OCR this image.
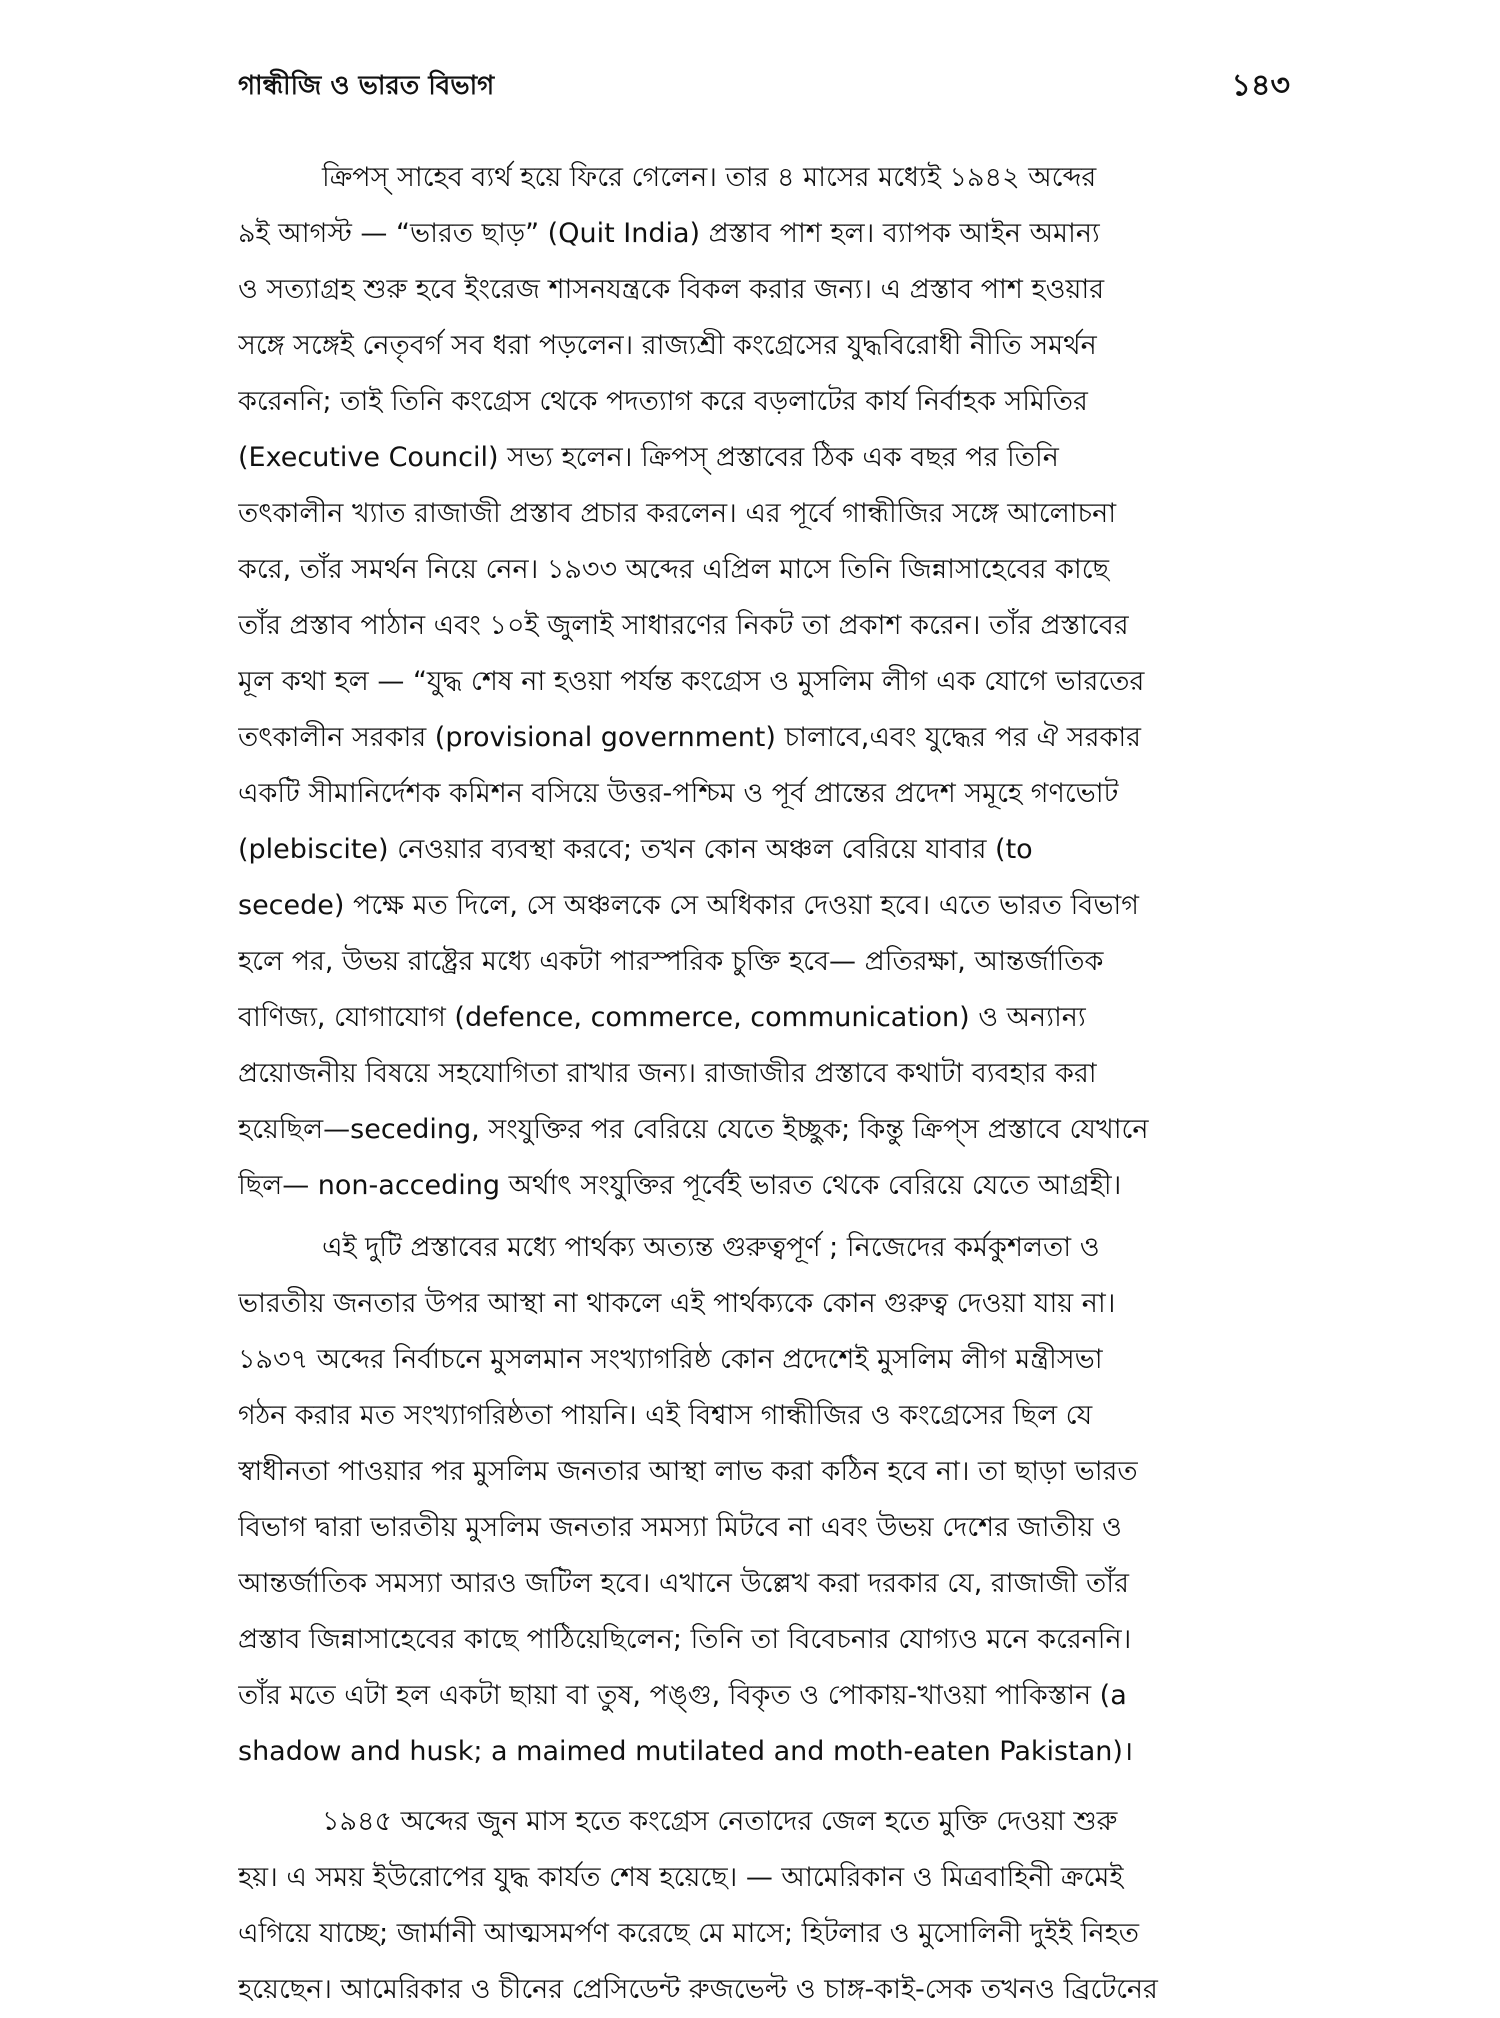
গান্ধীজি ও ভারত বিভাগ	১৪৩

ক্রিপস্ সাহেব ব্যর্থ হয়ে ফিরে গেলেন। তার ৪ মাসের মধ্যেই ১৯৪২ অব্দের
৯ই আগস্ট — “ভারত ছাড়” (Quit India) প্রস্তাব পাশ হল। ব্যাপক আইন অমান্য
ও সত্যাগ্রহ শুরু হবে ইংরেজ শাসনযন্ত্রকে বিকল করার জন্য। এ প্রস্তাব পাশ হওয়ার
সঙ্গে সঙ্গেই নেতৃবর্গ সব ধরা পড়লেন। রাজ্যশ্রী কংগ্রেসের যুদ্ধবিরোধী নীতি সমর্থন
করেননি; তাই তিনি কংগ্রেস থেকে পদত্যাগ করে বড়লাটের কার্য নির্বাহক সমিতির
(Executive Council) সভ্য হলেন। ক্রিপস্ প্রস্তাবের ঠিক এক বছর পর তিনি
তৎকালীন খ্যাত রাজাজী প্রস্তাব প্রচার করলেন। এর পূর্বে গান্ধীজির সঙ্গে আলোচনা
করে, তাঁর সমর্থন নিয়ে নেন। ১৯৩৩ অব্দের এপ্রিল মাসে তিনি জিন্নাসাহেবের কাছে
তাঁর প্রস্তাব পাঠান এবং ১০ই জুলাই সাধারণের নিকট তা প্রকাশ করেন। তাঁর প্রস্তাবের
মূল কথা হল — “যুদ্ধ শেষ না হওয়া পর্যন্ত কংগ্রেস ও মুসলিম লীগ এক যোগে ভারতের
তৎকালীন সরকার (provisional government) চালাবে,এবং যুদ্ধের পর ঐ সরকার
একটি সীমানির্দেশক কমিশন বসিয়ে উত্তর-পশ্চিম ও পূর্ব প্রান্তের প্রদেশ সমূহে গণভোট
(plebiscite) নেওয়ার ব্যবস্থা করবে; তখন কোন অঞ্চল বেরিয়ে যাবার (to
secede) পক্ষে মত দিলে, সে অঞ্চলকে সে অধিকার দেওয়া হবে। এতে ভারত বিভাগ
হলে পর, উভয় রাষ্ট্রের মধ্যে একটা পারস্পরিক চুক্তি হবে— প্রতিরক্ষা, আন্তর্জাতিক
বাণিজ্য, যোগাযোগ (defence, commerce, communication) ও অন্যান্য
প্রয়োজনীয় বিষয়ে সহযোগিতা রাখার জন্য। রাজাজীর প্রস্তাবে কথাটা ব্যবহার করা
হয়েছিল—seceding, সংযুক্তির পর বেরিয়ে যেতে ইচ্ছুক; কিন্তু ক্রিপ্‌স প্রস্তাবে যেখানে
ছিল— non-acceding অর্থাৎ সংযুক্তির পূর্বেই ভারত থেকে বেরিয়ে যেতে আগ্রহী।

এই দুটি প্রস্তাবের মধ্যে পার্থক্য অত্যন্ত গুরুত্বপূর্ণ ; নিজেদের কর্মকুশলতা ও
ভারতীয় জনতার উপর আস্থা না থাকলে এই পার্থক্যকে কোন গুরুত্ব দেওয়া যায় না।
১৯৩৭ অব্দের নির্বাচনে মুসলমান সংখ্যাগরিষ্ঠ কোন প্রদেশেই মুসলিম লীগ মন্ত্রীসভা
গঠন করার মত সংখ্যাগরিষ্ঠতা পায়নি। এই বিশ্বাস গান্ধীজির ও কংগ্রেসের ছিল যে
স্বাধীনতা পাওয়ার পর মুসলিম জনতার আস্থা লাভ করা কঠিন হবে না। তা ছাড়া ভারত
বিভাগ দ্বারা ভারতীয় মুসলিম জনতার সমস্যা মিটবে না এবং উভয় দেশের জাতীয় ও
আন্তর্জাতিক সমস্যা আরও জটিল হবে। এখানে উল্লেখ করা দরকার যে, রাজাজী তাঁর
প্রস্তাব জিন্নাসাহেবের কাছে পাঠিয়েছিলেন; তিনি তা বিবেচনার যোগ্যও মনে করেননি।
তাঁর মতে এটা হল একটা ছায়া বা তুষ, পঙ্গু, বিকৃত ও পোকায়-খাওয়া পাকিস্তান (a
shadow and husk; a maimed mutilated and moth-eaten Pakistan)।

১৯৪৫ অব্দের জুন মাস হতে কংগ্রেস নেতাদের জেল হতে মুক্তি দেওয়া শুরু
হয়। এ সময় ইউরোপের যুদ্ধ কার্যত শেষ হয়েছে। — আমেরিকান ও মিত্রবাহিনী ক্রমেই
এগিয়ে যাচ্ছে; জার্মানী আত্মসমর্পণ করেছে মে মাসে; হিটলার ও মুসোলিনী দুইই নিহত
হয়েছেন। আমেরিকার ও চীনের প্রেসিডেন্ট রুজভেল্ট ও চাঙ্গ-কাই-সেক তখনও ব্রিটেনের
